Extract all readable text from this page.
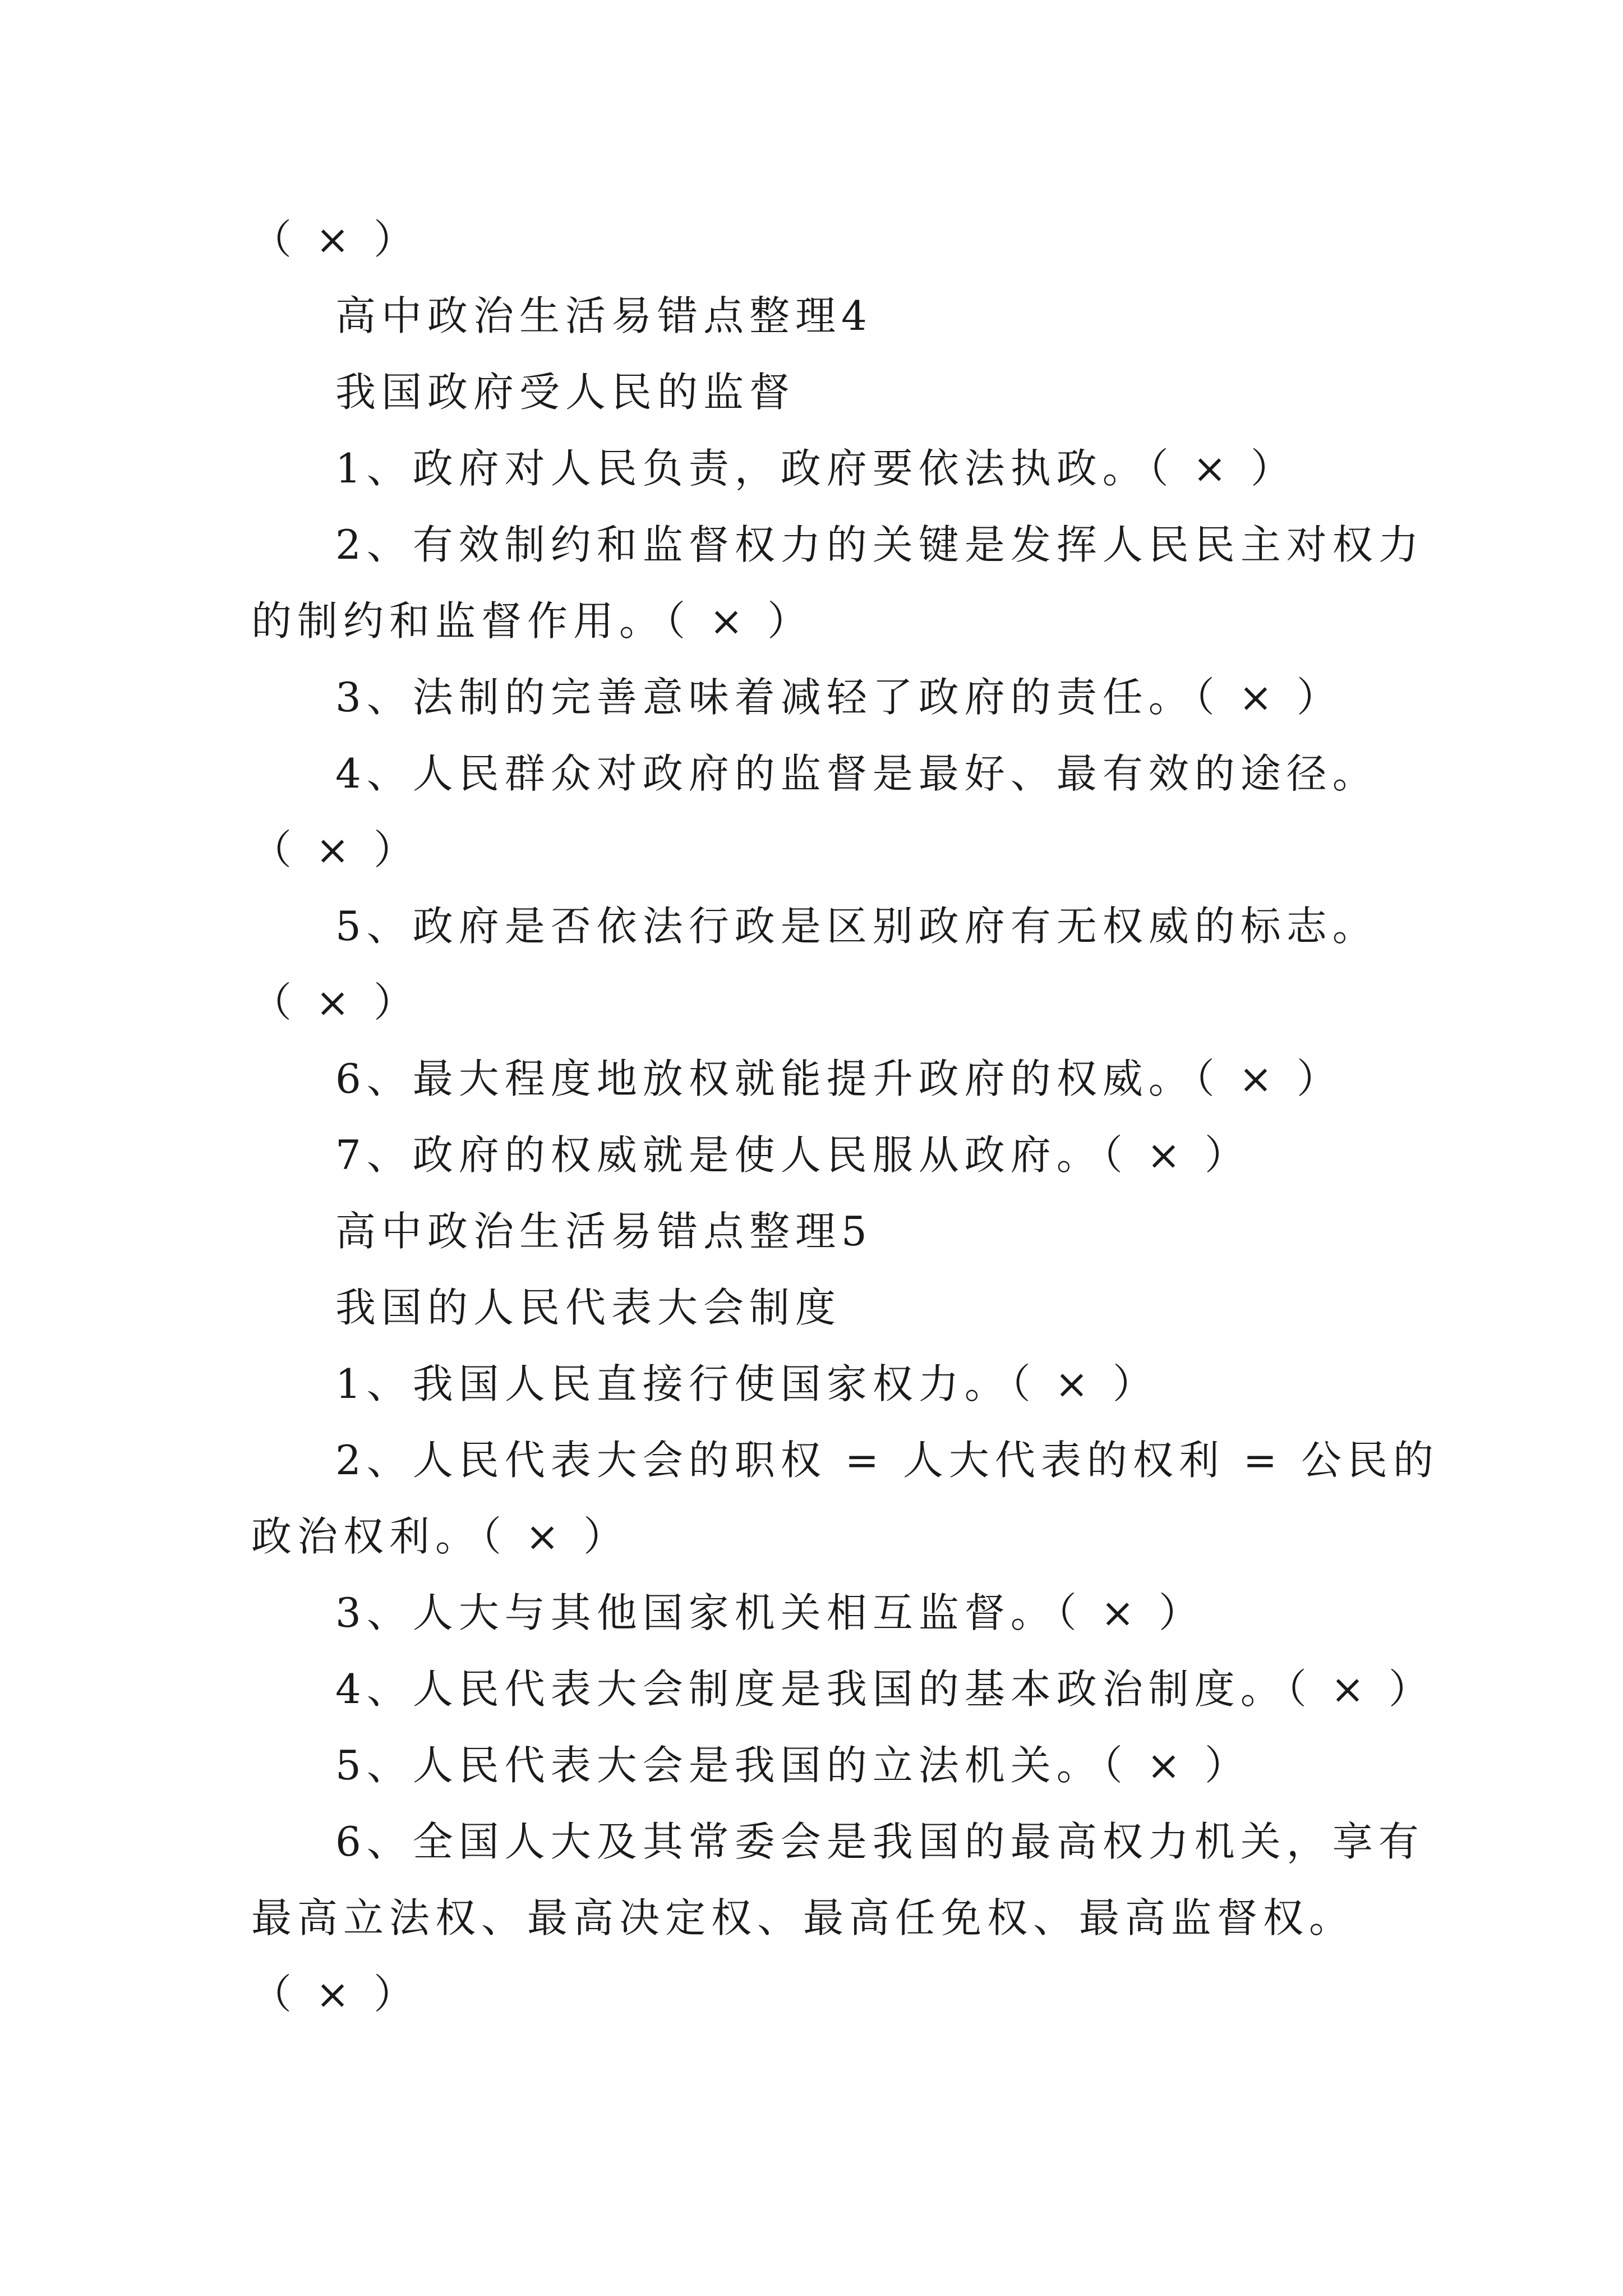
（ × ）
高中政治生活易错点整理4
我国政府受人民的监督
1、政府对人民负责，政府要依法执政。（ × ）
2、有效制约和监督权力的关键是发挥人民民主对权力
的制约和监督作用。（ × ）
3、法制的完善意味着减轻了政府的责任。（ × ）
4、人民群众对政府的监督是最好、最有效的途径。
（ × ）
5、政府是否依法行政是区别政府有无权威的标志。
（ × ）
6、最大程度地放权就能提升政府的权威。（ × ）
7、政府的权威就是使人民服从政府。（ × ）
高中政治生活易错点整理5
我国的人民代表大会制度
1、我国人民直接行使国家权力。（ × ）
2、人民代表大会的职权 = 人大代表的权利 = 公民的
政治权利。（ × ）
3、人大与其他国家机关相互监督。（ × ）
4、人民代表大会制度是我国的基本政治制度。（ × ）
5、人民代表大会是我国的立法机关。（ × ）
6、全国人大及其常委会是我国的最高权力机关，享有
最高立法权、最高决定权、最高任免权、最高监督权。
（ × ）
